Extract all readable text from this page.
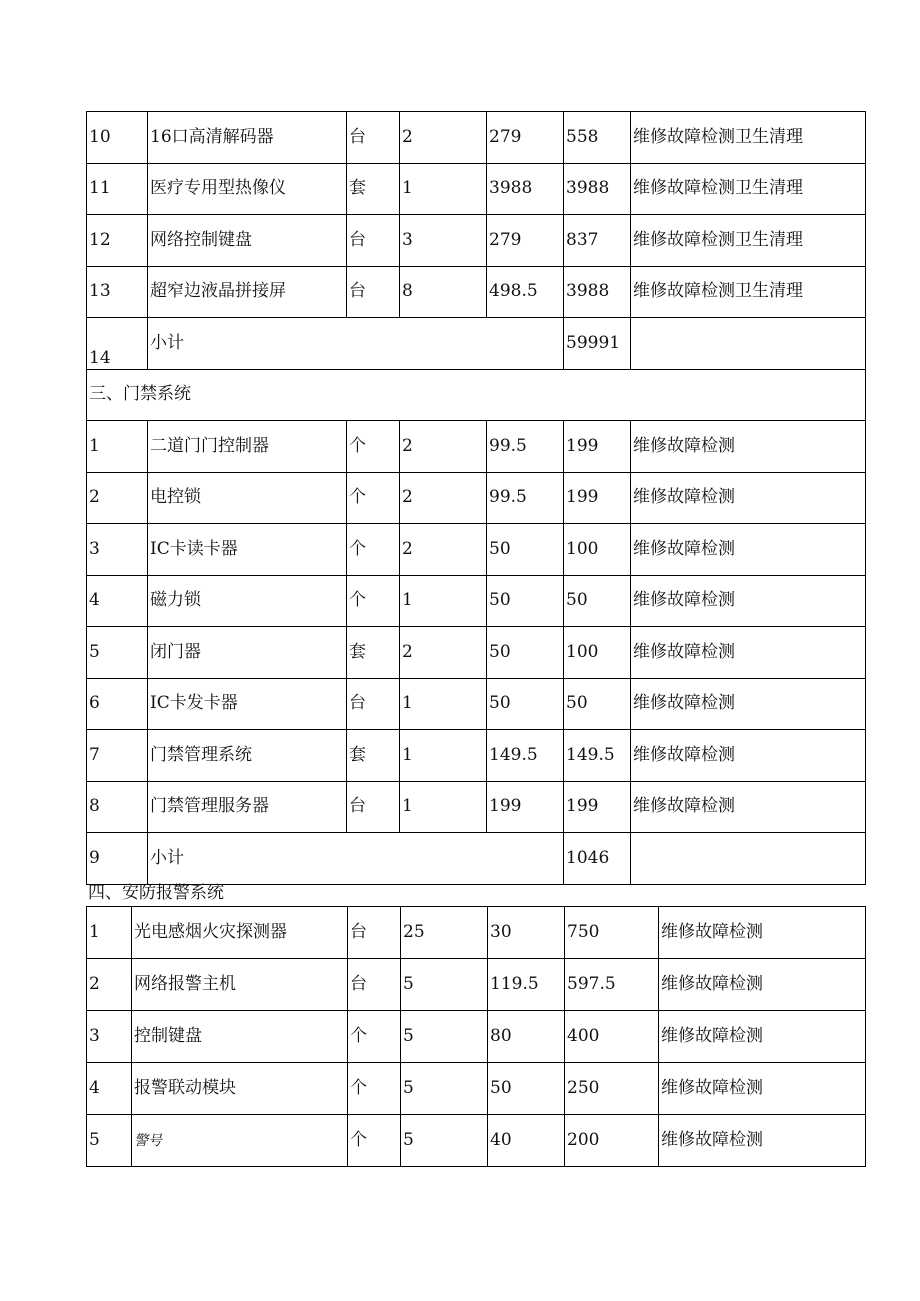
10	16口高清解码器	台	2	279	558	维修故障检测卫生清理
11	医疗专用型热像仪	套	1	3988	3988	维修故障检测卫生清理
12	网络控制键盘	台	3	279	837	维修故障检测卫生清理
13	超窄边液晶拼接屏	台	8	498.5	3988	维修故障检测卫生清理
14	小计				59991	
三、门禁系统						
1	二道门门控制器	个	2	99.5	199	维修故障检测
2	电控锁	个	2	99.5	199	维修故障检测
3	IC卡读卡器	个	2	50	100	维修故障检测
4	磁力锁	个	1	50	50	维修故障检测
5	闭门器	套	2	50	100	维修故障检测
6	IC卡发卡器	台	1	50	50	维修故障检测
7	门禁管理系统	套	1	149.5	149.5	维修故障检测
8	门禁管理服务器	台	1	199	199	维修故障检测
9	小计				1046	
四、安防报警系统
1	光电感烟火灾探测器	台	25	30	750	维修故障检测
2	网络报警主机	台	5	119.5	597.5	维修故障检测
3	控制键盘	个	5	80	400	维修故障检测
4	报警联动模块	个	5	50	250	维修故障检测
5	警号	个	5	40	200	维修故障检测
